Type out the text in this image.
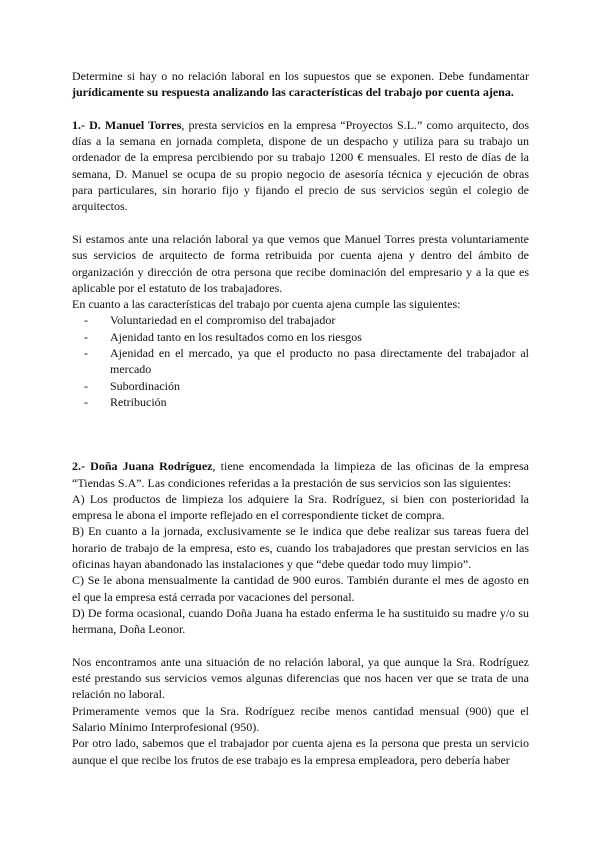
Determine si hay o no relación laboral en los supuestos que se exponen. Debe fundamentar jurídicamente su respuesta analizando las características del trabajo por cuenta ajena.

1.- D. Manuel Torres, presta servicios en la empresa “Proyectos S.L.” como arquitecto, dos días a la semana en jornada completa, dispone de un despacho y utiliza para su trabajo un ordenador de la empresa percibiendo por su trabajo 1200 € mensuales. El resto de días de la semana, D. Manuel se ocupa de su propio negocio de asesoría técnica y ejecución de obras para particulares, sin horario fijo y fijando el precio de sus servicios según el colegio de arquitectos.

Si estamos ante una relación laboral ya que vemos que Manuel Torres presta voluntariamente sus servicios de arquitecto de forma retribuida por cuenta ajena y dentro del ámbito de organización y dirección de otra persona que recibe dominación del empresario y a la que es aplicable por el estatuto de los trabajadores.

En cuanto a las características del trabajo por cuenta ajena cumple las siguientes:

- Voluntariedad en el compromiso del trabajador
- Ajenidad tanto en los resultados como en los riesgos
- Ajenidad en el mercado, ya que el producto no pasa directamente del trabajador al mercado
- Subordinación
- Retribución

2.- Doña Juana Rodríguez, tiene encomendada la limpieza de las oficinas de la empresa “Tiendas S.A”. Las condiciones referidas a la prestación de sus servicios son las siguientes:

A) Los productos de limpieza los adquiere la Sra. Rodríguez, si bien con posterioridad la empresa le abona el importe reflejado en el correspondiente ticket de compra.

B) En cuanto a la jornada, exclusivamente se le indica que debe realizar sus tareas fuera del horario de trabajo de la empresa, esto es, cuando los trabajadores que prestan servicios en las oficinas hayan abandonado las instalaciones y que “debe quedar todo muy limpio”.

C) Se le abona mensualmente la cantidad de 900 euros. También durante el mes de agosto en el que la empresa está cerrada por vacaciones del personal.

D) De forma ocasional, cuando Doña Juana ha estado enferma le ha sustituido su madre y/o su hermana, Doña Leonor.

Nos encontramos ante una situación de no relación laboral, ya que aunque la Sra. Rodríguez esté prestando sus servicios vemos algunas diferencias que nos hacen ver que se trata de una relación no laboral.

Primeramente vemos que la Sra. Rodríguez recibe menos cantidad mensual (900) que el Salario Mínimo Interprofesional (950).

Por otro lado, sabemos que el trabajador por cuenta ajena es la persona que presta un servicio aunque el que recibe los frutos de ese trabajo es la empresa empleadora, pero debería haber
